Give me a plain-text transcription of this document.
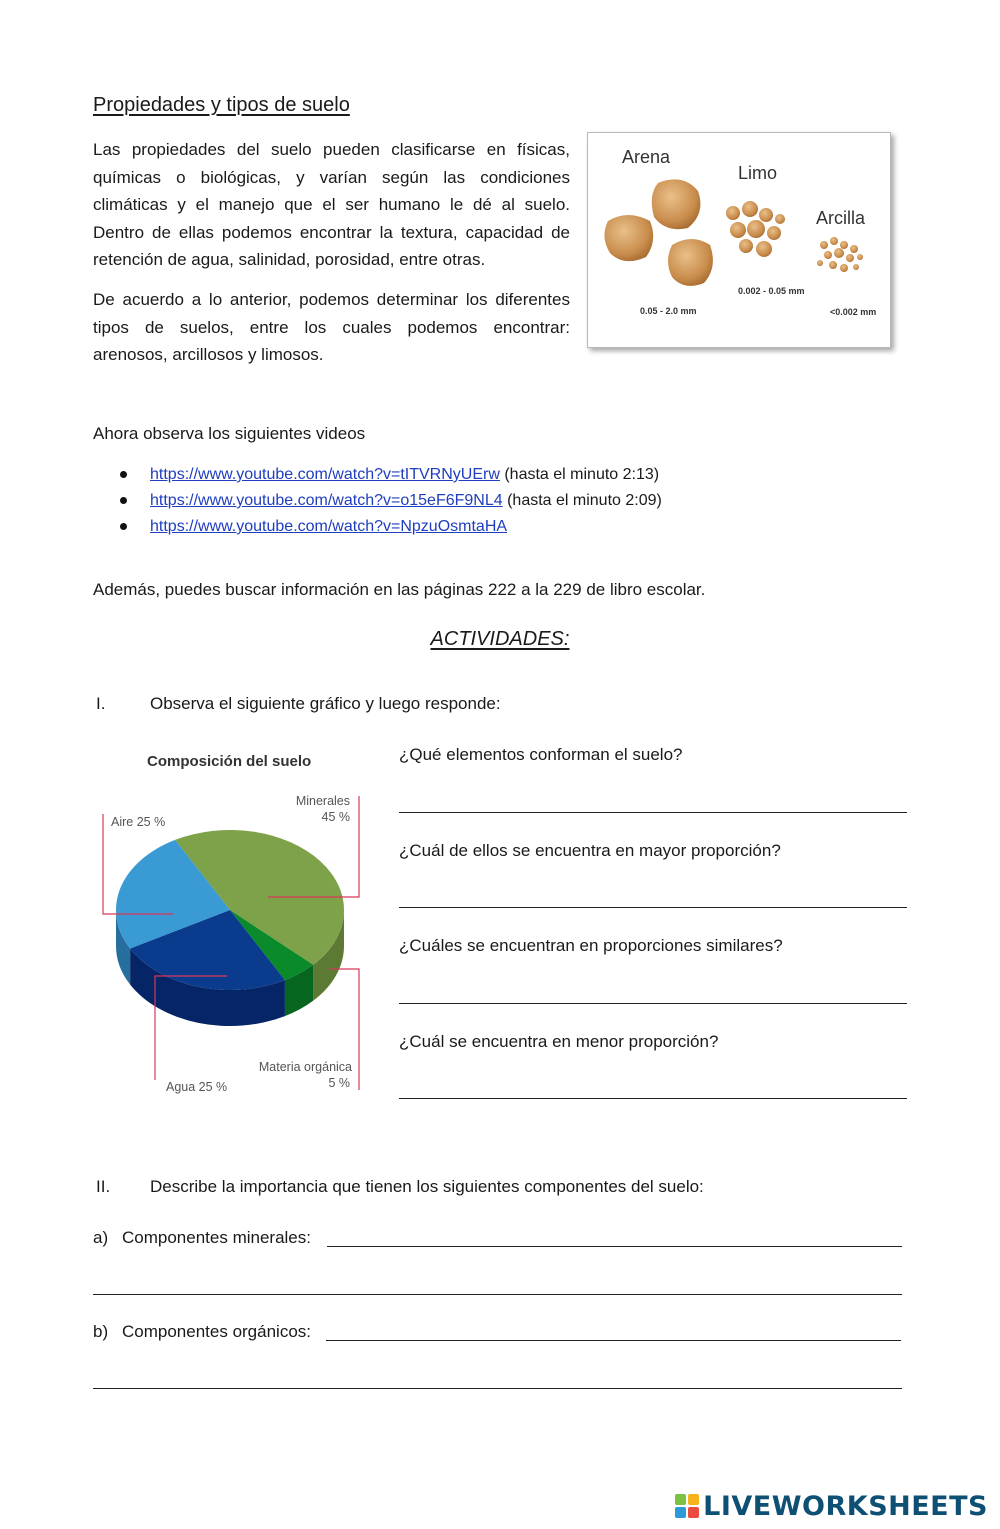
Propiedades y tipos de suelo
Las propiedades del suelo pueden clasificarse en físicas, químicas o biológicas, y varían según las condiciones climáticas y el manejo que el ser humano le dé al suelo. Dentro de ellas podemos encontrar la textura, capacidad de retención de agua, salinidad, porosidad, entre otras.
De acuerdo a lo anterior, podemos determinar los diferentes tipos de suelos, entre los cuales podemos encontrar: arenosos, arcillosos y limosos.
Arena
Limo
Arcilla
0.05 - 2.0 mm
0.002 - 0.05 mm
<0.002 mm
Ahora observa los siguientes videos
https://www.youtube.com/watch?v=tITVRNyUErw (hasta el minuto 2:13)
https://www.youtube.com/watch?v=o15eF6F9NL4 (hasta el minuto 2:09)
https://www.youtube.com/watch?v=NpzuOsmtaHA
Además, puedes buscar información en las páginas 222 a la 229 de libro escolar.
ACTIVIDADES:
I.	Observa el siguiente gráfico y luego responde:
Composición del suelo
Minerales
45 %
Aire 25 %
Materia orgánica
5 %
Agua 25 %
¿Qué elementos conforman el suelo?
¿Cuál de ellos se encuentra en mayor proporción?
¿Cuáles se encuentran en proporciones similares?
¿Cuál se encuentra en menor proporción?
II. Describe la importancia que tienen los siguientes componentes del suelo:
a) Componentes minerales:
b) Componentes orgánicos:
LIVEWORKSHEETS
